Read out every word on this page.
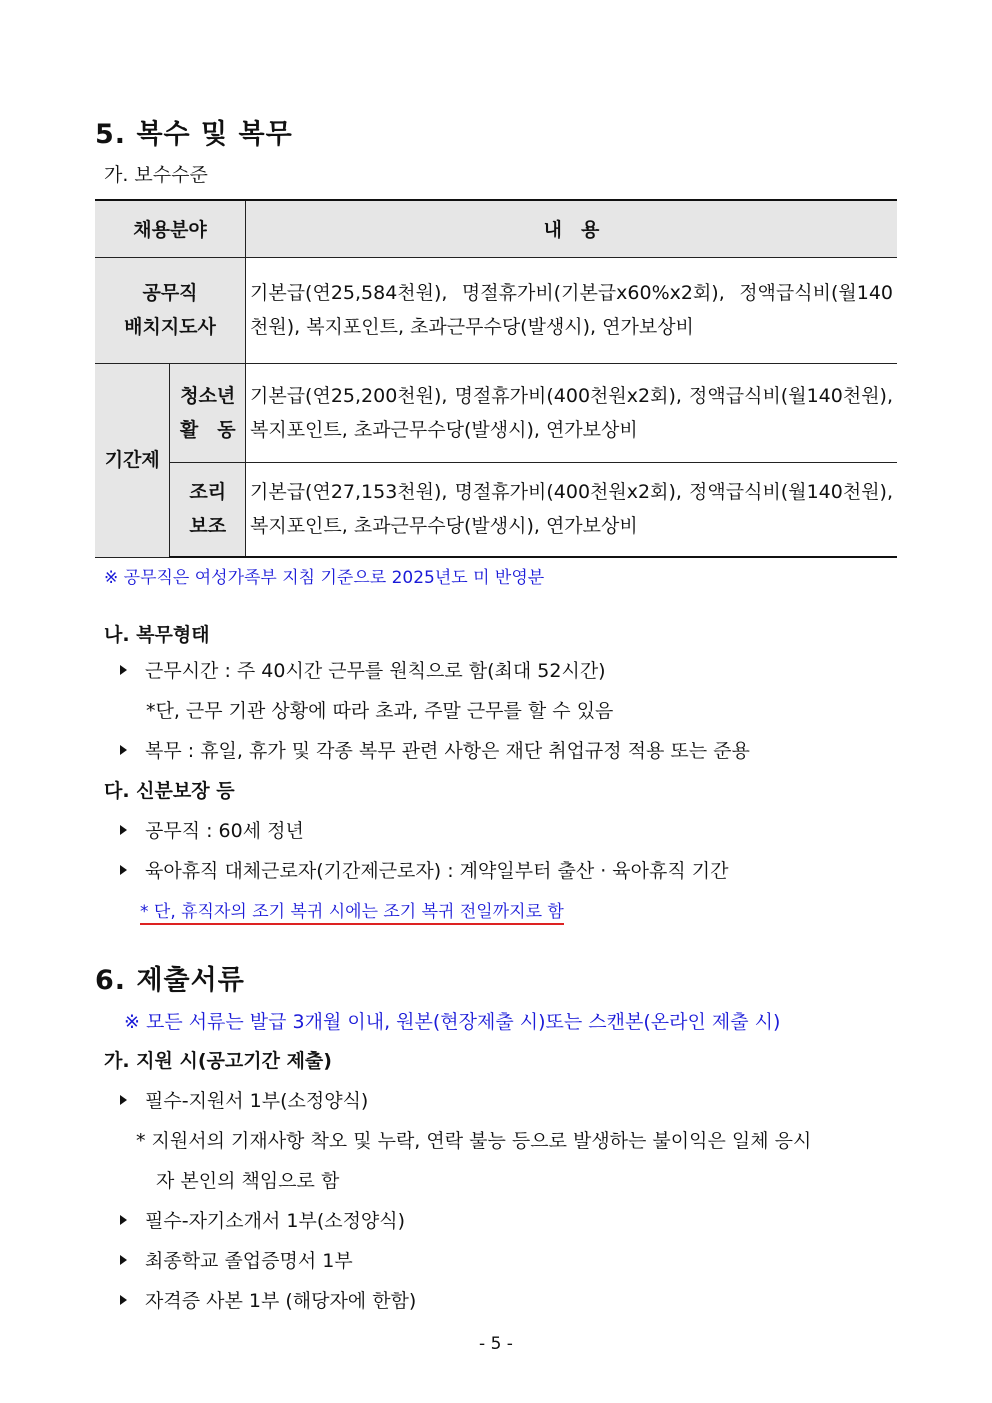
5. 복수 및 복무
가. 보수수준
채용분야		내　용

공무직
배치지도사		기본급(연25,584천원), 명절휴가비(기본급x60%x2회), 정액급식비(월140천원), 복지포인트, 초과근무수당(발생시), 연가보상비
기간제	청소년
활　동	기본급(연25,200천원), 명절휴가비(400천원x2회), 정액급식비(월140천원), 복지포인트, 초과근무수당(발생시), 연가보상비

	조리
보조	기본급(연27,153천원), 명절휴가비(400천원x2회), 정액급식비(월140천원), 복지포인트, 초과근무수당(발생시), 연가보상비
※ 공무직은 여성가족부 지침 기준으로 2025년도 미 반영분
나. 복무형태
근무시간 : 주 40시간 근무를 원칙으로 함(최대 52시간)
*단, 근무 기관 상황에 따라 초과, 주말 근무를 할 수 있음
복무 : 휴일, 휴가 및 각종 복무 관련 사항은 재단 취업규정 적용 또는 준용
다. 신분보장 등
공무직 : 60세 정년
육아휴직 대체근로자(기간제근로자) : 계약일부터 출산 · 육아휴직 기간
* 단, 휴직자의 조기 복귀 시에는 조기 복귀 전일까지로 함
6. 제출서류
※ 모든 서류는 발급 3개월 이내, 원본(현장제출 시)또는 스캔본(온라인 제출 시)
가. 지원 시(공고기간 제출)
필수-지원서 1부(소정양식)
* 지원서의 기재사항 착오 및 누락, 연락 불능 등으로 발생하는 불이익은 일체 응시
자 본인의 책임으로 함
필수-자기소개서 1부(소정양식)
최종학교 졸업증명서 1부
자격증 사본 1부 (해당자에 한함)
- 5 -
